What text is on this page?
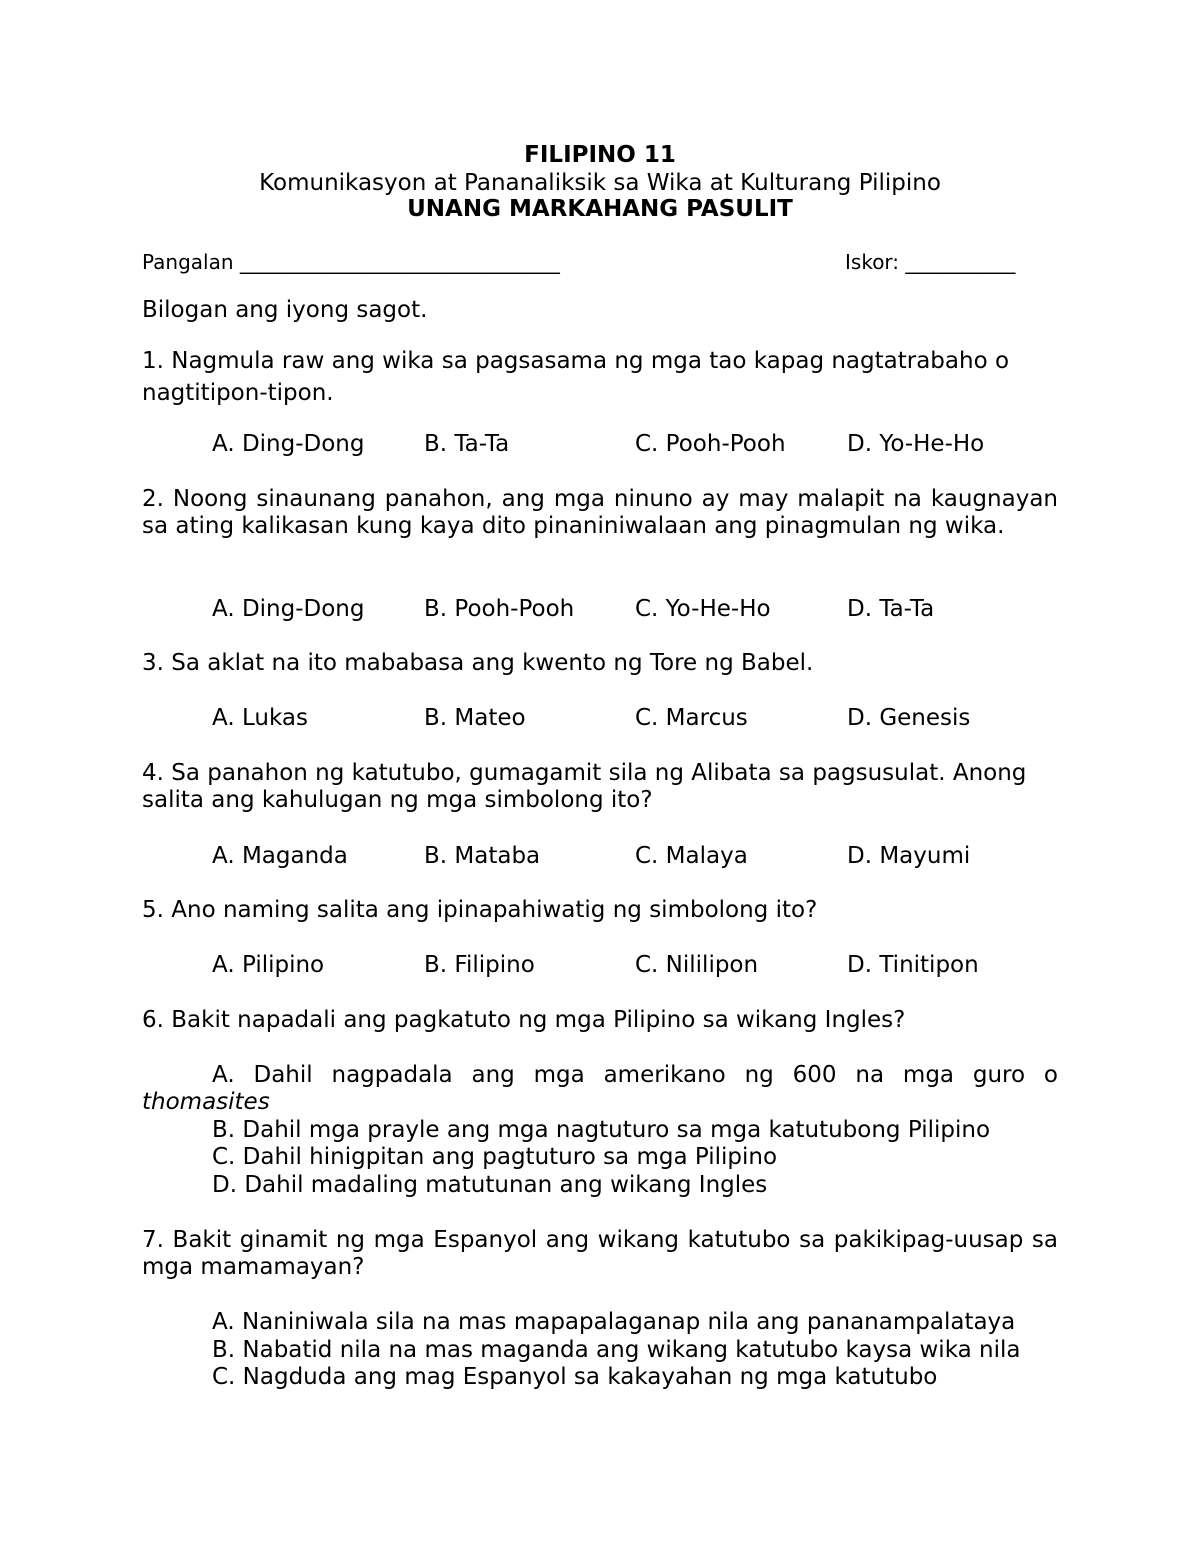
FILIPINO 11
Komunikasyon at Pananaliksik sa Wika at Kulturang Pilipino
UNANG MARKAHANG PASULIT
Pangalan ________________________________	Iskor: ___________
Bilogan ang iyong sagot.
1. Nagmula raw ang wika sa pagsasama ng mga tao kapag nagtatrabaho o
nagtitipon-tipon.
A. Ding-Dong	B. Ta-Ta	C. Pooh-Pooh	D. Yo-He-Ho
2. Noong sinaunang panahon, ang mga ninuno ay may malapit na kaugnayan sa ating kalikasan kung kaya dito pinaniniwalaan ang pinagmulan ng wika.
A. Ding-Dong	B. Pooh-Pooh	C. Yo-He-Ho	D. Ta-Ta
3. Sa aklat na ito mababasa ang kwento ng Tore ng Babel.
A. Lukas	B. Mateo	C. Marcus	D. Genesis
4. Sa panahon ng katutubo, gumagamit sila ng Alibata sa pagsusulat. Anong
salita ang kahulugan ng mga simbolong ito?
A. Maganda	B. Mataba	C. Malaya	D. Mayumi
5. Ano naming salita ang ipinapahiwatig ng simbolong ito?
A. Pilipino	B. Filipino	C. Nililipon	D. Tinitipon
6. Bakit napadali ang pagkatuto ng mga Pilipino sa wikang Ingles?
A. Dahil nagpadala ang mga amerikano ng 600 na mga guro o thomasites
B. Dahil mga prayle ang mga nagtuturo sa mga katutubong Pilipino
C. Dahil hinigpitan ang pagtuturo sa mga Pilipino
D. Dahil madaling matutunan ang wikang Ingles
7. Bakit ginamit ng mga Espanyol ang wikang katutubo sa pakikipag-uusap sa mga mamamayan?
A. Naniniwala sila na mas mapapalaganap nila ang pananampalataya
B. Nabatid nila na mas maganda ang wikang katutubo kaysa wika nila
C. Nagduda ang mag Espanyol sa kakayahan ng mga katutubo
